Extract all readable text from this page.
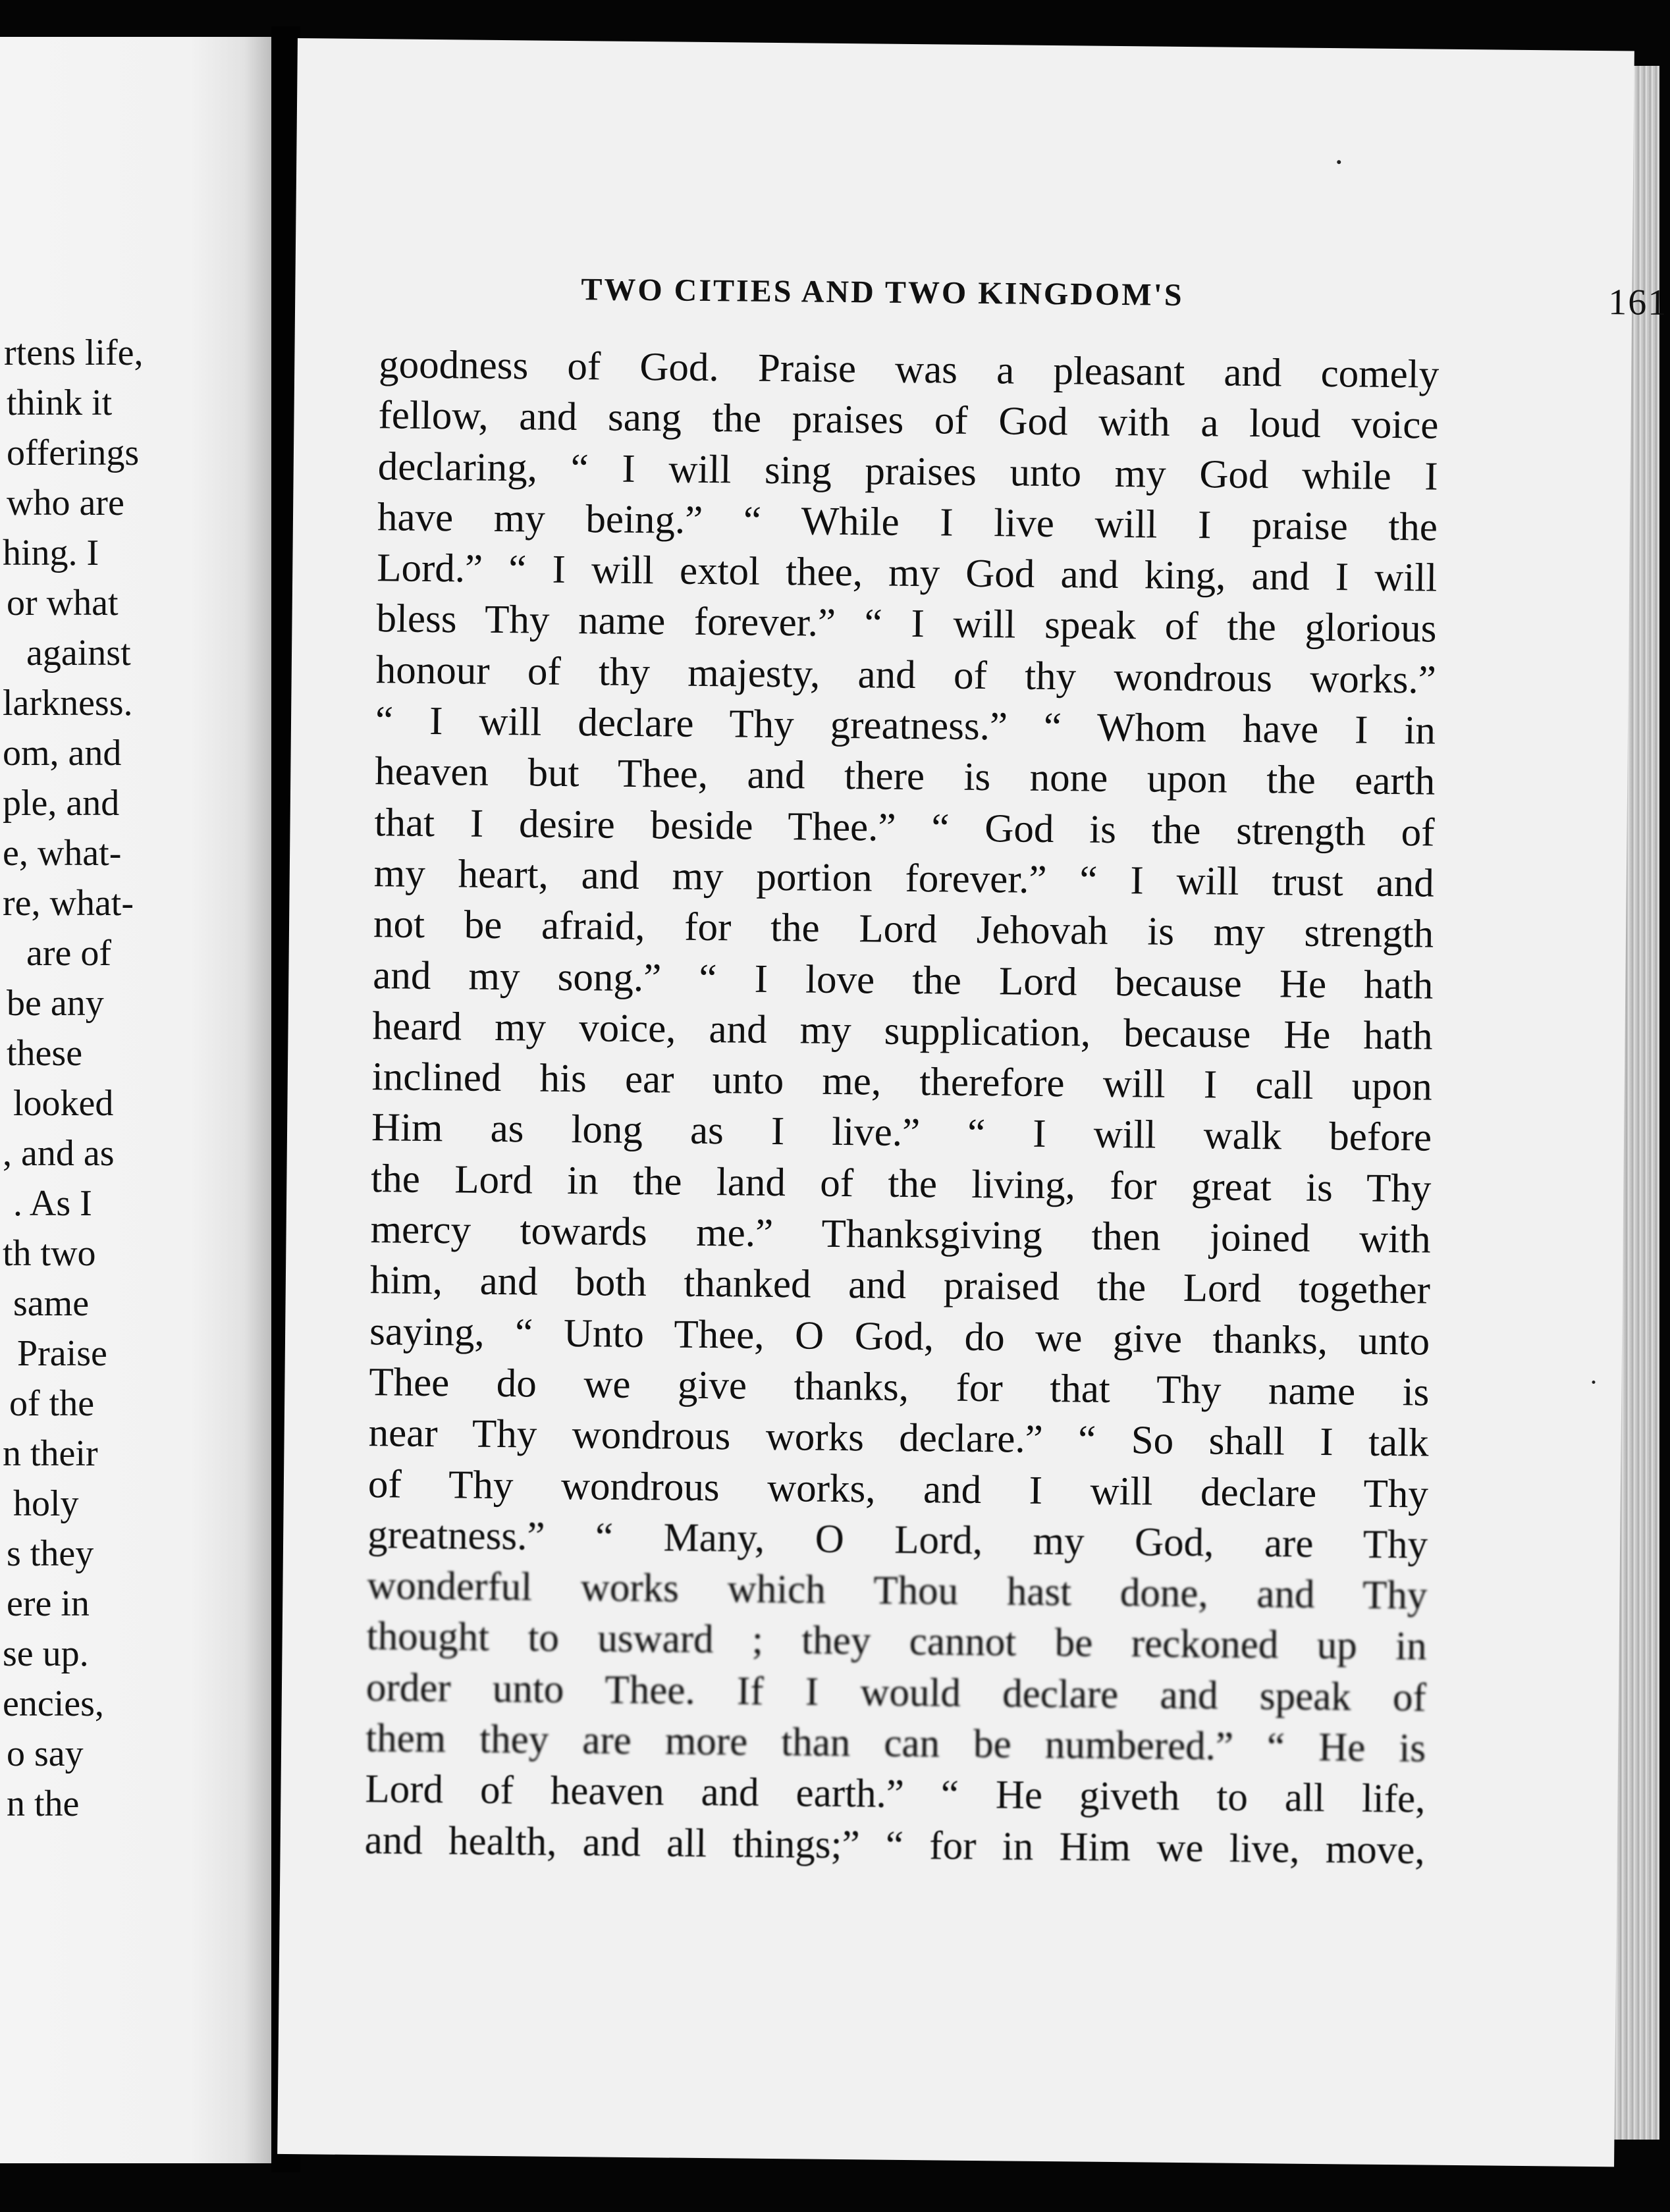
rtens life,
think it
offerings
who are
hing. I
or what
against
larkness.
om, and
ple, and
e, what-
re, what-
are of
be any
these
looked
, and as
. As I
th two
same
Praise
of the
n their
holy
s they
ere in
se up.
encies,
o say
n the
TWO CITIES AND TWO KINGDOM'S	161
goodness of God. Praise was a pleasant and comely
fellow, and sang the praises of God with a loud voice
declaring, “ I will sing praises unto my God while I
have my being.” “ While I live will I praise the
Lord.” “ I will extol thee, my God and king, and I will
bless Thy name forever.” “ I will speak of the glorious
honour of thy majesty, and of thy wondrous works.”
“ I will declare Thy greatness.” “ Whom have I in
heaven but Thee, and there is none upon the earth
that I desire beside Thee.” “ God is the strength of
my heart, and my portion forever.” “ I will trust and
not be afraid, for the Lord Jehovah is my strength
and my song.” “ I love the Lord because He hath
heard my voice, and my supplication, because He hath
inclined his ear unto me, therefore will I call upon
Him as long as I live.” “ I will walk before
the Lord in the land of the living, for great is Thy
mercy towards me.” Thanksgiving then joined with
him, and both thanked and praised the Lord together
saying, “ Unto Thee, O God, do we give thanks, unto
Thee do we give thanks, for that Thy name is
near Thy wondrous works declare.” “ So shall I talk
of Thy wondrous works, and I will declare Thy
greatness.” “ Many, O Lord, my God, are Thy
wonderful works which Thou hast done, and Thy
thought to usward ; they cannot be reckoned up in
order unto Thee. If I would declare and speak of
them they are more than can be numbered.” “ He is
Lord of heaven and earth.” “ He giveth to all life,
and health, and all things;” “ for in Him we live, move,
